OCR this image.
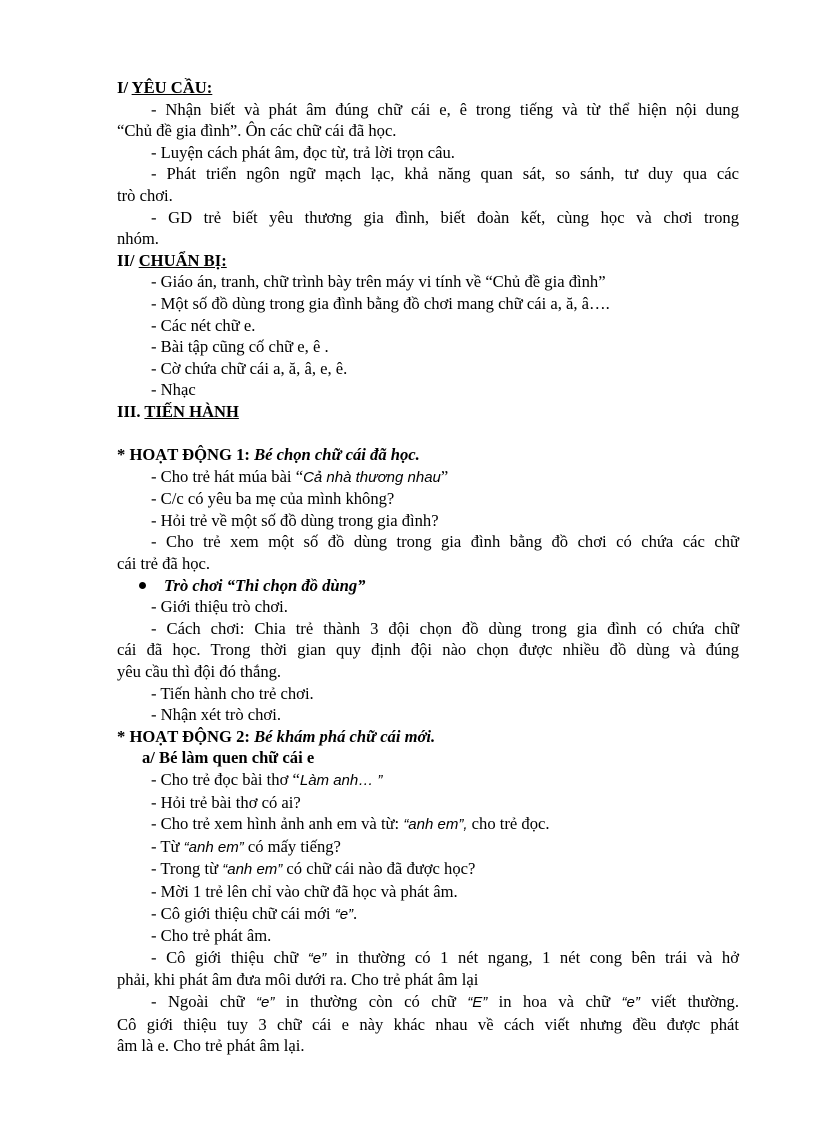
I/ YÊU CẦU:
- Nhận biết và phát âm đúng chữ cái e, ê trong tiếng và từ thể hiện nội dung
“Chủ đề gia đình”. Ôn các chữ cái đã học.
- Luyện cách phát âm, đọc từ, trả lời trọn câu.
- Phát triển ngôn ngữ mạch lạc, khả năng quan sát, so sánh, tư duy qua các
trò chơi.
- GD trẻ biết yêu thương gia đình, biết đoàn kết, cùng học và chơi trong
nhóm.
II/ CHUẨN BỊ:
- Giáo án, tranh, chữ trình bày trên máy vi tính về “Chủ đề gia đình”
- Một số đồ dùng trong gia đình bằng đồ chơi mang chữ cái a, ă, â….
- Các nét chữ e.
- Bài tập cũng cố chữ e, ê .
- Cờ chứa chữ cái a, ă, â, e, ê.
- Nhạc
III. TIẾN HÀNH
* HOẠT ĐỘNG 1: Bé chọn chữ cái đã học.
- Cho trẻ hát múa bài “Cả nhà thương nhau”
- C/c có yêu ba mẹ của mình không?
- Hỏi trẻ về một số đồ dùng trong gia đình?
- Cho trẻ xem một số đồ dùng trong gia đình bằng đồ chơi có chứa các chữ
cái trẻ đã học.
Trò chơi “Thi chọn đồ dùng”
- Giới thiệu trò chơi.
- Cách chơi: Chia trẻ thành 3 đội chọn đồ dùng trong gia đình có chứa chữ
cái đã học. Trong thời gian quy định đội nào chọn được nhiều đồ dùng và đúng
yêu cầu thì đội đó thắng.
- Tiến hành cho trẻ chơi.
- Nhận xét trò chơi.
* HOẠT ĐỘNG 2: Bé khám phá chữ cái mới.
a/ Bé làm quen chữ cái e
- Cho trẻ đọc bài thơ “Làm anh… ”
- Hỏi trẻ bài thơ có ai?
- Cho trẻ xem hình ảnh anh em và từ: “anh em”, cho trẻ đọc.
- Từ “anh em” có mấy tiếng?
- Trong từ “anh em” có chữ cái nào đã được học?
- Mời 1 trẻ lên chỉ vào chữ đã học và phát âm.
- Cô giới thiệu chữ cái mới “e”.
- Cho trẻ phát âm.
- Cô giới thiệu chữ “e” in thường có 1 nét ngang, 1 nét cong bên trái và hở
phải, khi phát âm đưa môi dưới ra. Cho trẻ phát âm lại
- Ngoài chữ “e” in thường còn có chữ “E” in hoa và chữ “e” viết thường.
Cô giới thiệu tuy 3 chữ cái e này khác nhau về cách viết nhưng đều được phát
âm là e. Cho trẻ phát âm lại.
